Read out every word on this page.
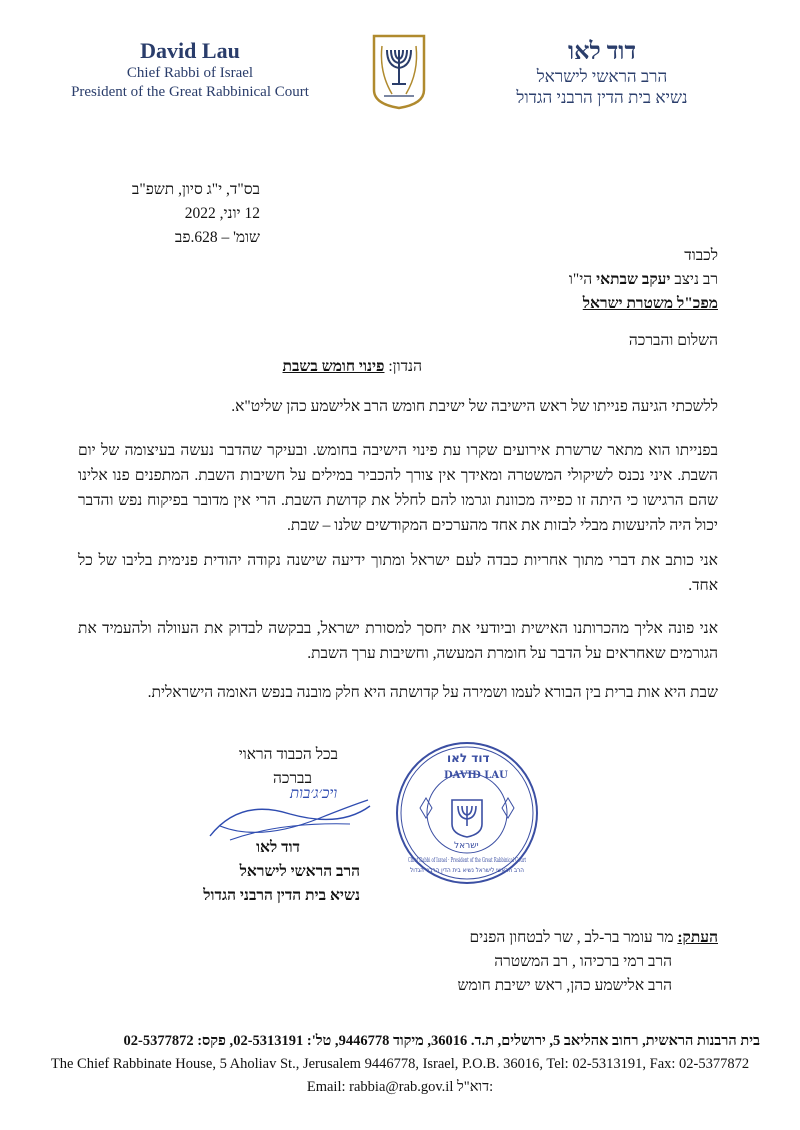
David Lau
Chief Rabbi of Israel
President of the Great Rabbinical Court
דוד לאו
הרב הראשי לישראל
נשיא בית הדין הרבני הגדול
בס"ד, י"ג סיון, תשפ"ב
12 יוני, 2022
שומ' – 628.פב
לכבוד
רב ניצב יעקב שבתאי הי"ו
מפכ"ל משטרת ישראל
השלום והברכה
הנדון: פינוי חומש בשבת
ללשכתי הגיעה פנייתו של ראש הישיבה של ישיבת חומש הרב אלישמע כהן שליט"א.
בפנייתו הוא מתאר שרשרת אירועים שקרו עת פינוי הישיבה בחומש. ובעיקר שהדבר נעשה בעיצומה של יום השבת. איני נכנס לשיקולי המשטרה ומאידך אין צורך להכביר במילים על חשיבות השבת. המתפנים פנו אלינו שהם הרגישו כי היתה זו כפייה מכוונת וגרמו להם לחלל את קדושת השבת. הרי אין מדובר בפיקוח נפש והדבר יכול היה להיעשות מבלי לבזות את אחד מהערכים המקודשים שלנו – שבת.
אני כותב את דברי מתוך אחריות כבדה לעם ישראל ומתוך ידיעה שישנה נקודה יהודית פנימית בליבו של כל אחד.
אני פונה אליך מהכרותנו האישית וביודעי את יחסך למסורת ישראל, בבקשה לבדוק את העוולה ולהעמיד את הגורמים שאחראים על הדבר על חומרת המעשה, וחשיבות ערך השבת.
שבת היא אות ברית בין הבורא לעמו ושמירה על קדושתה היא חלק מובנה בנפש האומה הישראלית.
בכל הכבוד הראוי
בברכה
ויכ׳ג׳בות
דוד לאו
הרב הראשי לישראל
נשיא בית הדין הרבני הגדול
דוד לאו
DAVID LAU
ישראל
Chief Rabbi of Israel · President of the Great Rabbinical Court
הרב הראשי לישראל נשיא בית הדין הרבני הגדול
העתק: מר עומר בר-לב , שר לבטחון הפנים
הרב רמי ברכיהו , רב המשטרה
הרב אלישמע כהן, ראש ישיבת חומש
בית הרבנות הראשית, רחוב אהליאב 5, ירושלים, ת.ד. 36016, מיקוד 9446778, טל': 02-5313191, פקס: 02-5377872
The Chief Rabbinate House, 5 Aholiav St., Jerusalem 9446778, Israel, P.O.B. 36016, Tel: 02-5313191, Fax: 02-5377872
Email: rabbia@rab.gov.il דוא"ל:
